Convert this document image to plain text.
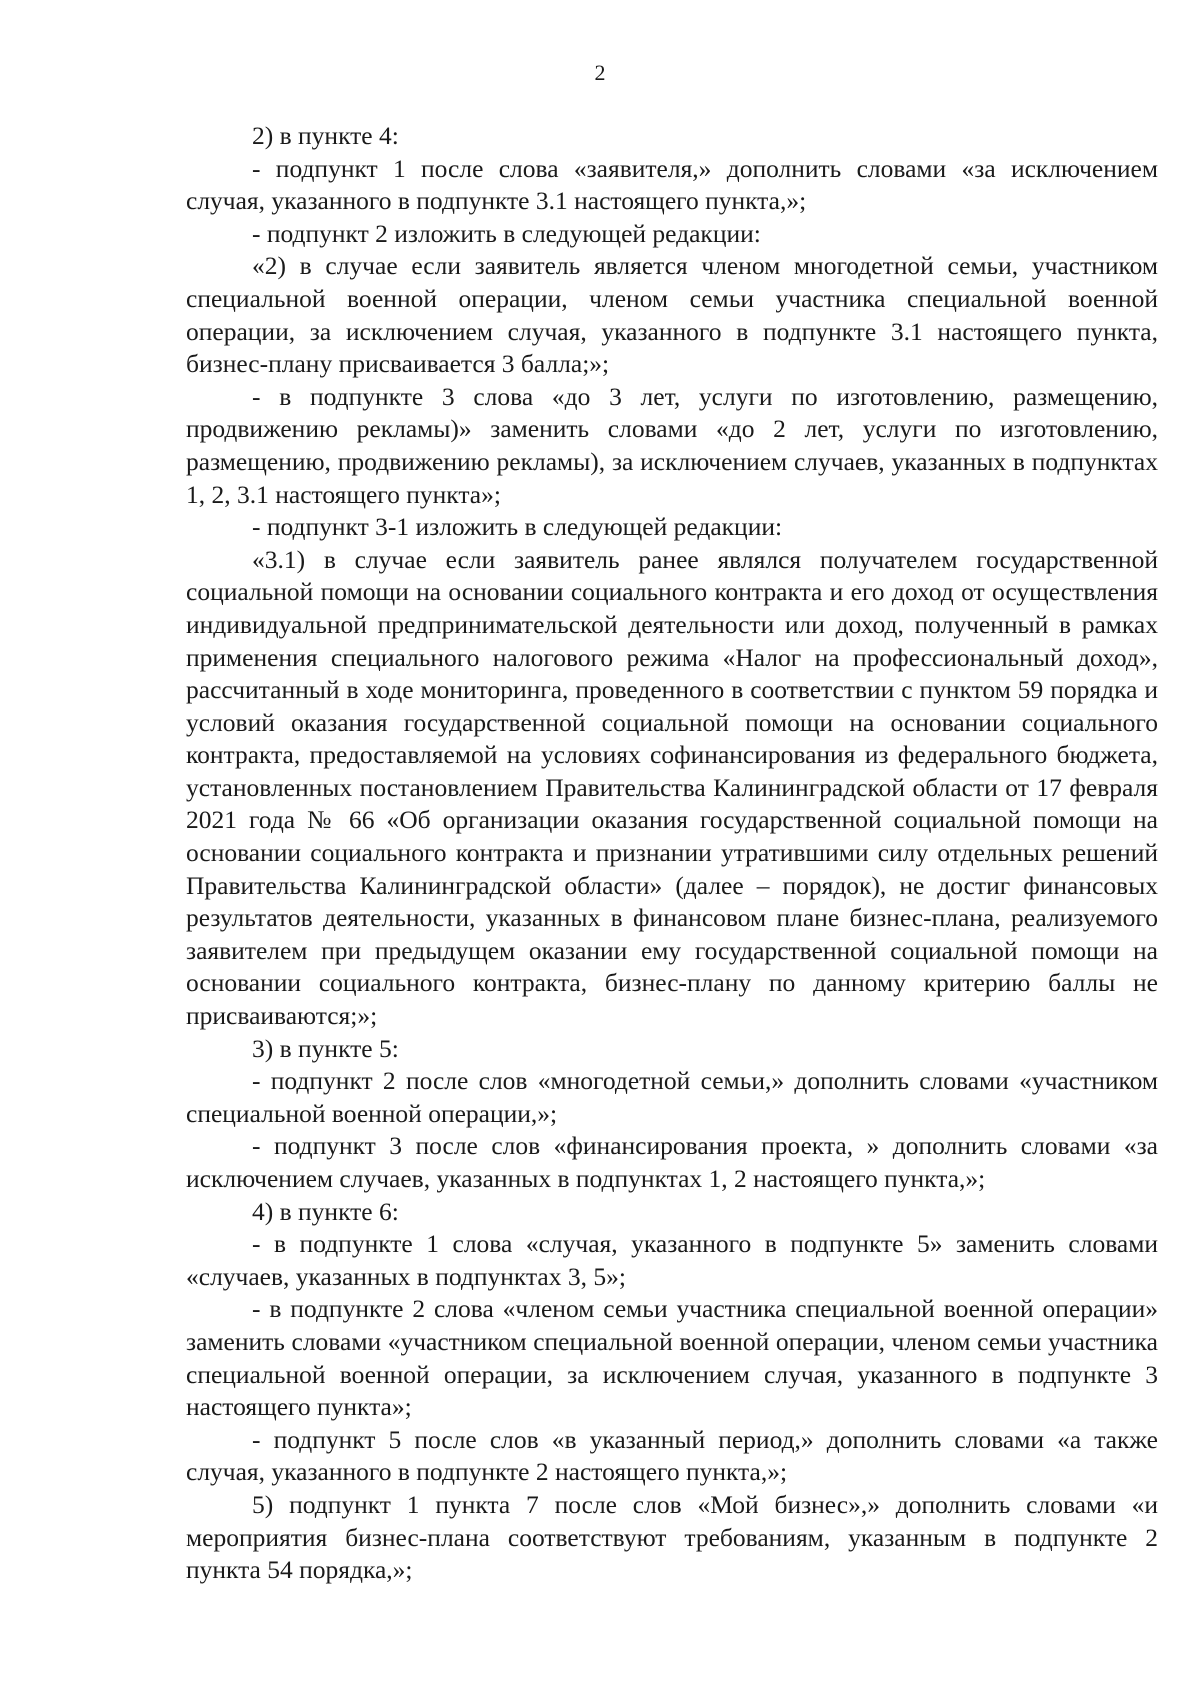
2

2) в пункте 4:

- подпункт 1 после слова «заявителя,» дополнить словами «за исключением случая, указанного в подпункте 3.1 настоящего пункта,»;

- подпункт 2 изложить в следующей редакции:

«2) в случае если заявитель является членом многодетной семьи, участником специальной военной операции, членом семьи участника специальной военной операции, за исключением случая, указанного в подпункте 3.1 настоящего пункта, бизнес-плану присваивается 3 балла;»;

- в подпункте 3 слова «до 3 лет, услуги по изготовлению, размещению, продвижению рекламы)» заменить словами «до 2 лет, услуги по изготовлению, размещению, продвижению рекламы), за исключением случаев, указанных в подпунктах 1, 2, 3.1 настоящего пункта»;

- подпункт 3-1 изложить в следующей редакции:

«3.1) в случае если заявитель ранее являлся получателем государственной социальной помощи на основании социального контракта и его доход от осуществления индивидуальной предпринимательской деятельности или доход, полученный в рамках применения специального налогового режима «Налог на профессиональный доход», рассчитанный в ходе мониторинга, проведенного в соответствии с пунктом 59 порядка и условий оказания государственной социальной помощи на основании социального контракта, предоставляемой на условиях софинансирования из федерального бюджета, установленных постановлением Правительства Калининградской области от 17 февраля 2021 года № 66 «Об организации оказания государственной социальной помощи на основании социального контракта и признании утратившими силу отдельных решений Правительства Калининградской области» (далее – порядок), не достиг финансовых результатов деятельности, указанных в финансовом плане бизнес-плана, реализуемого заявителем при предыдущем оказании ему государственной социальной помощи на основании социального контракта, бизнес-плану по данному критерию баллы не присваиваются;»;

3) в пункте 5:

- подпункт 2 после слов «многодетной семьи,» дополнить словами «участником специальной военной операции,»;

- подпункт 3 после слов «финансирования проекта, » дополнить словами «за исключением случаев, указанных в подпунктах 1, 2 настоящего пункта,»;

4) в пункте 6:

- в подпункте 1 слова «случая, указанного в подпункте 5» заменить словами «случаев, указанных в подпунктах 3, 5»;

- в подпункте 2 слова «членом семьи участника специальной военной операции» заменить словами «участником специальной военной операции, членом семьи участника специальной военной операции, за исключением случая, указанного в подпункте 3 настоящего пункта»;

- подпункт 5 после слов «в указанный период,» дополнить словами «а также случая, указанного в подпункте 2 настоящего пункта,»;

5) подпункт 1 пункта 7 после слов «Мой бизнес»,» дополнить словами «и мероприятия бизнес-плана соответствуют требованиям, указанным в подпункте 2 пункта 54 порядка,»;
